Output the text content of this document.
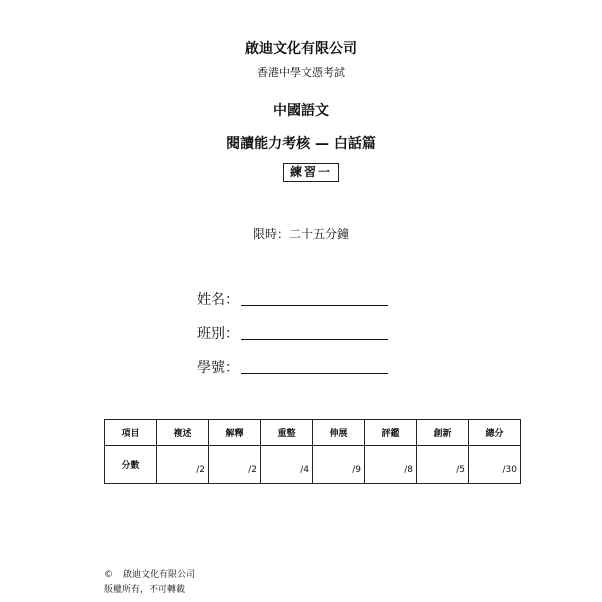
啟迪文化有限公司
香港中學文憑考試
中國語文
閱讀能力考核 — 白話篇
練習一
限時：二十五分鐘
姓名：
班別：
學號：
項目	複述	解釋	重整	伸展	評鑑	創新	總分
分數	/2	/2	/4	/9	/8	/5	/30
© 啟迪文化有限公司
版權所有，不可轉載
